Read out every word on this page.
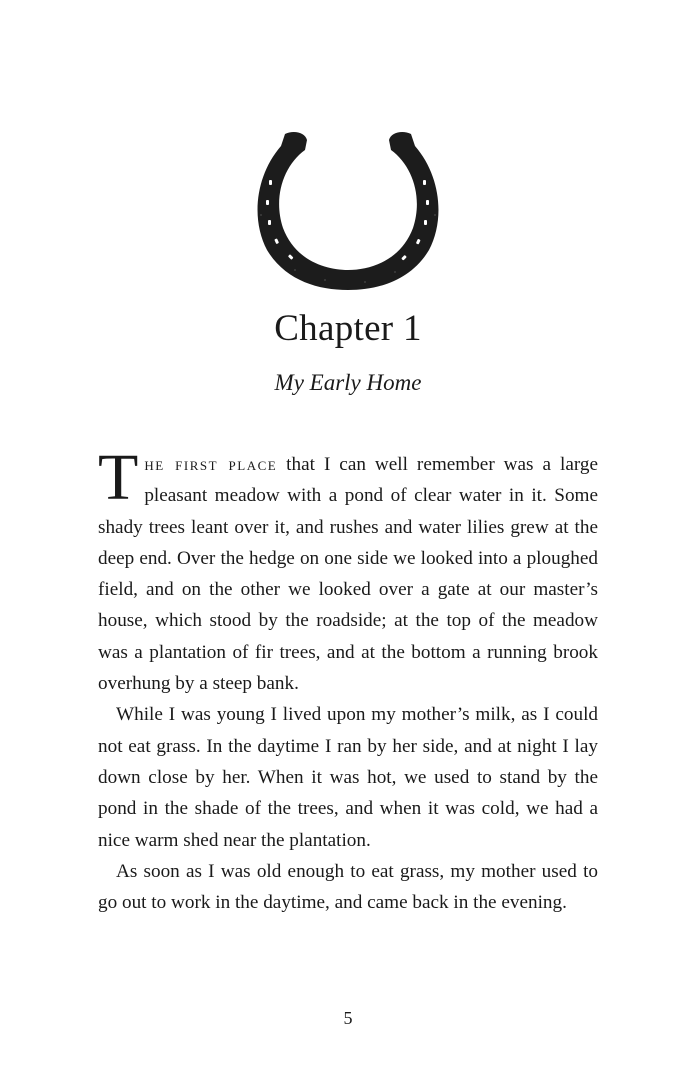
Chapter 1
My Early Home

The first place that I can well remember was a large pleasant meadow with a pond of clear water in it. Some shady trees leant over it, and rushes and water lilies grew at the deep end. Over the hedge on one side we looked into a ploughed field, and on the other we looked over a gate at our master’s house, which stood by the roadside; at the top of the meadow was a plantation of fir trees, and at the bottom a running brook overhung by a steep bank.

While I was young I lived upon my mother’s milk, as I could not eat grass. In the daytime I ran by her side, and at night I lay down close by her. When it was hot, we used to stand by the pond in the shade of the trees, and when it was cold, we had a nice warm shed near the plantation.

As soon as I was old enough to eat grass, my mother used to go out to work in the daytime, and came back in the evening.

5
